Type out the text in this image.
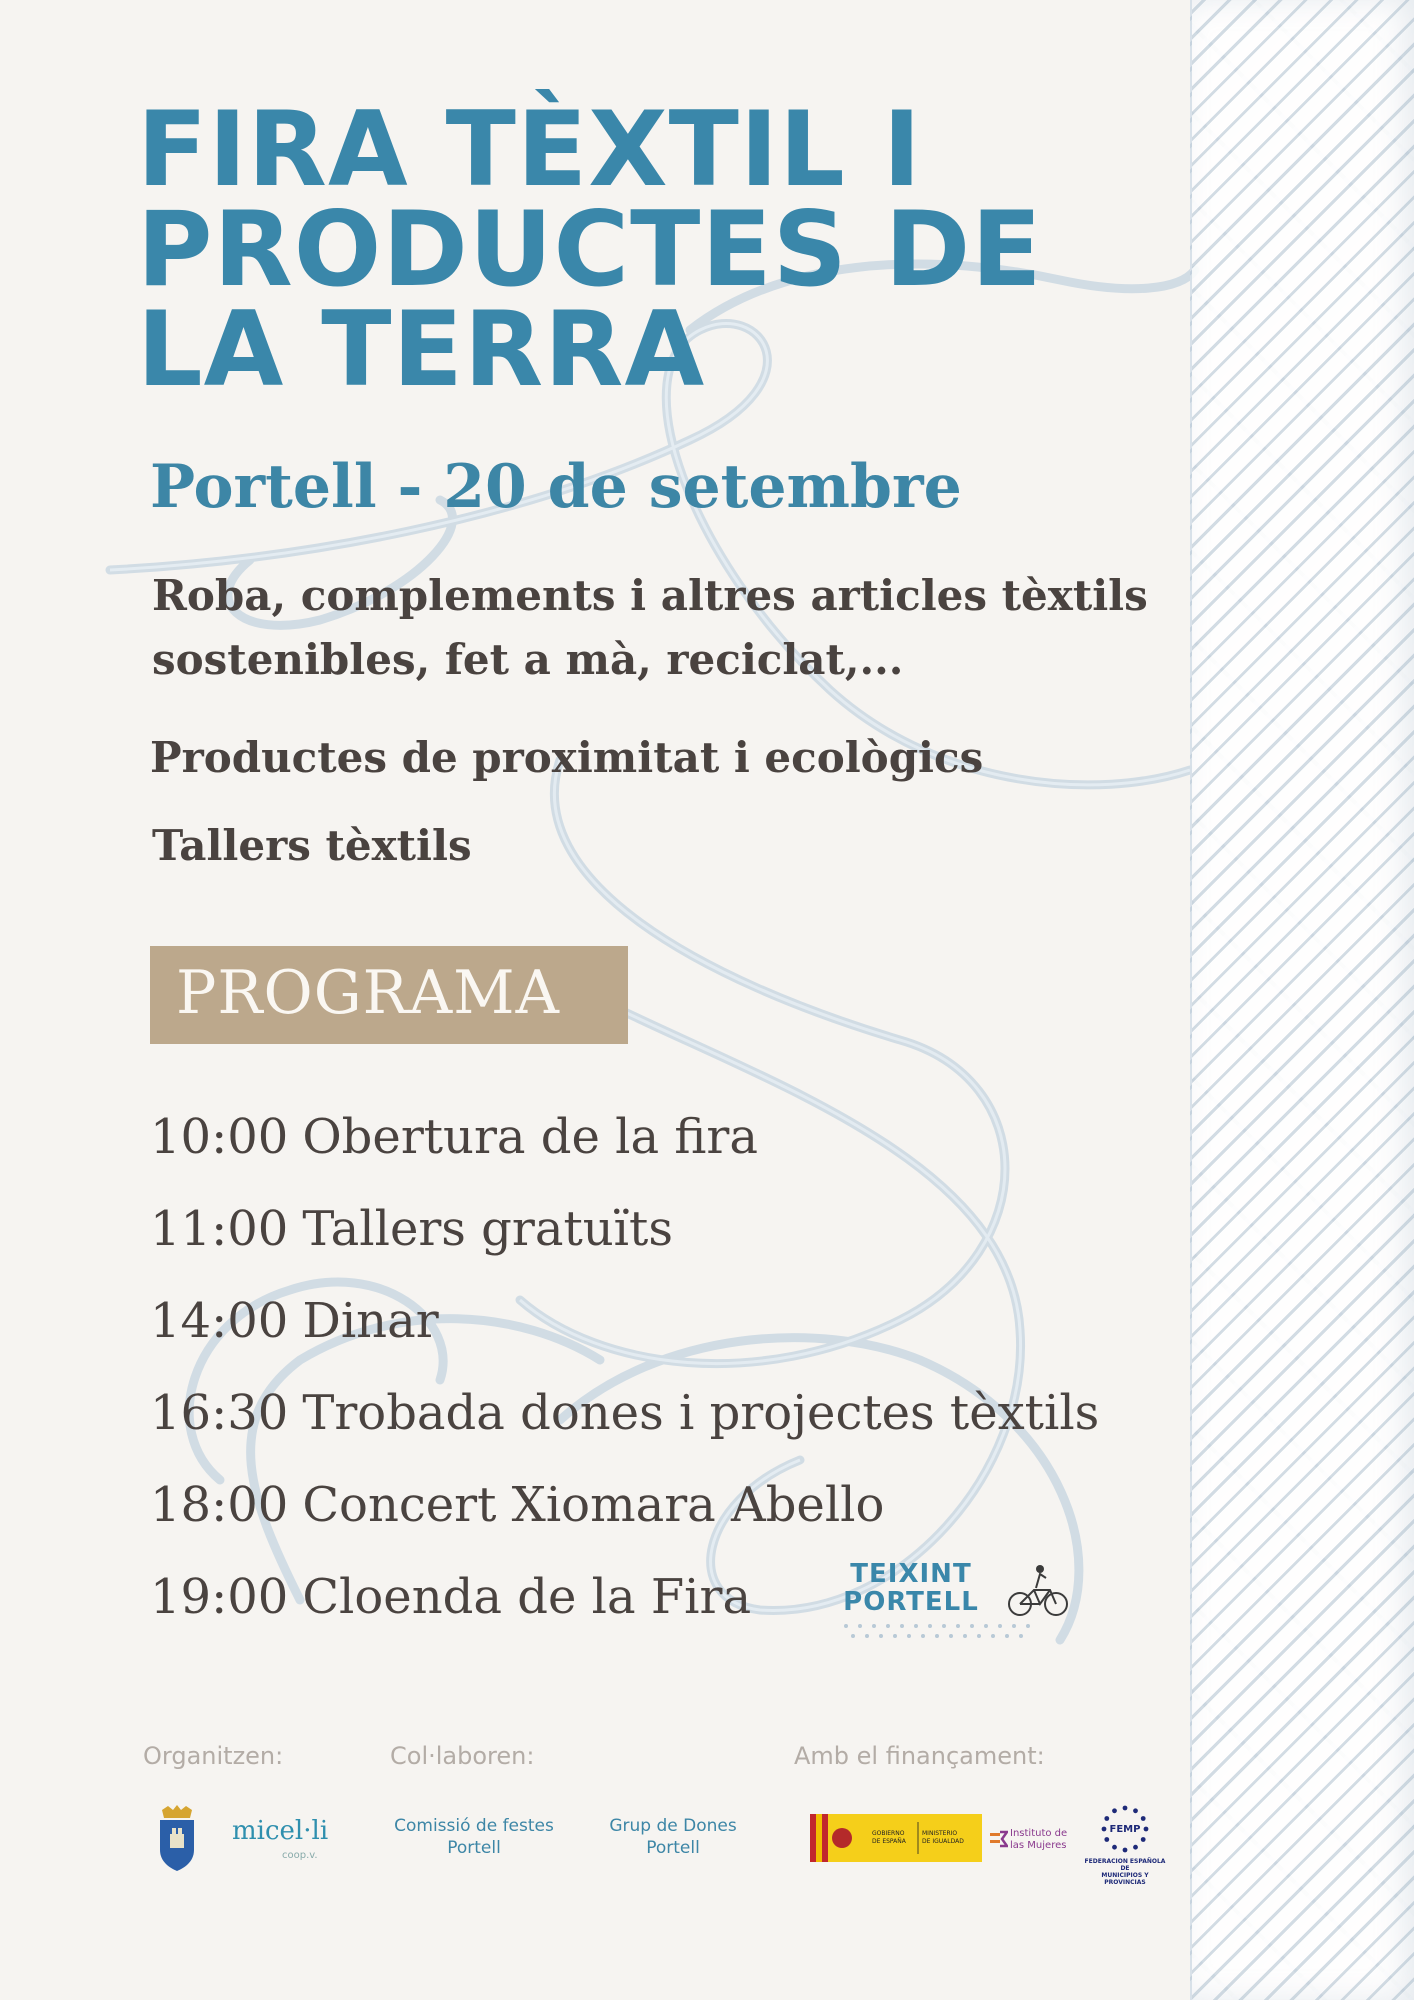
FIRA TÈXTIL I
PRODUCTES DE
LA TERRA
Portell - 20 de setembre

Roba, complements i altres articles tèxtils sostenibles, fet a mà, reciclat,...

Productes de proximitat i ecològics

Tallers tèxtils

PROGRAMA
10:00 Obertura de la fira
11:00 Tallers gratuïts
14:00 Dinar
16:30 Trobada dones i projectes tèxtils
18:00 Concert Xiomara Abello
19:00 Cloenda de la Fira	TEIXINT
PORTELL
Organitzen:	Col·laboren:	Amb el finançament:
micel·li
coop.v.
Comissió de festes
Portell
Grup de Dones
Portell
GOBIERNO
DE ESPAÑA
MINISTERIO
DE IGUALDAD
Instituto de
las Mujeres
FEMP
FEDERACION ESPAÑOLA DE
MUNICIPIOS Y PROVINCIAS
